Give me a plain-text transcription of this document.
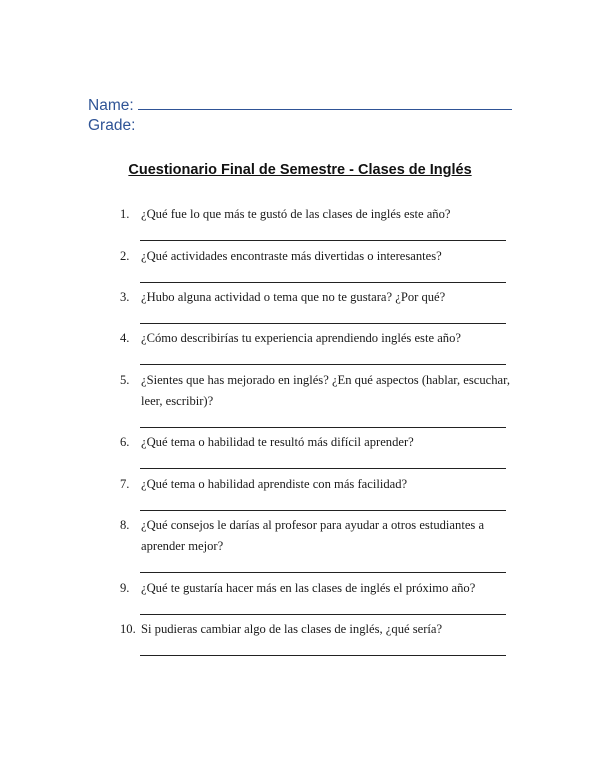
Name:
Grade:
Cuestionario Final de Semestre - Clases de Inglés
1. ¿Qué fue lo que más te gustó de las clases de inglés este año?
2. ¿Qué actividades encontraste más divertidas o interesantes?
3. ¿Hubo alguna actividad o tema que no te gustara? ¿Por qué?
4. ¿Cómo describirías tu experiencia aprendiendo inglés este año?
5. ¿Sientes que has mejorado en inglés? ¿En qué aspectos (hablar, escuchar, leer, escribir)?
6. ¿Qué tema o habilidad te resultó más difícil aprender?
7. ¿Qué tema o habilidad aprendiste con más facilidad?
8. ¿Qué consejos le darías al profesor para ayudar a otros estudiantes a aprender mejor?
9. ¿Qué te gustaría hacer más en las clases de inglés el próximo año?
10. Si pudieras cambiar algo de las clases de inglés, ¿qué sería?
